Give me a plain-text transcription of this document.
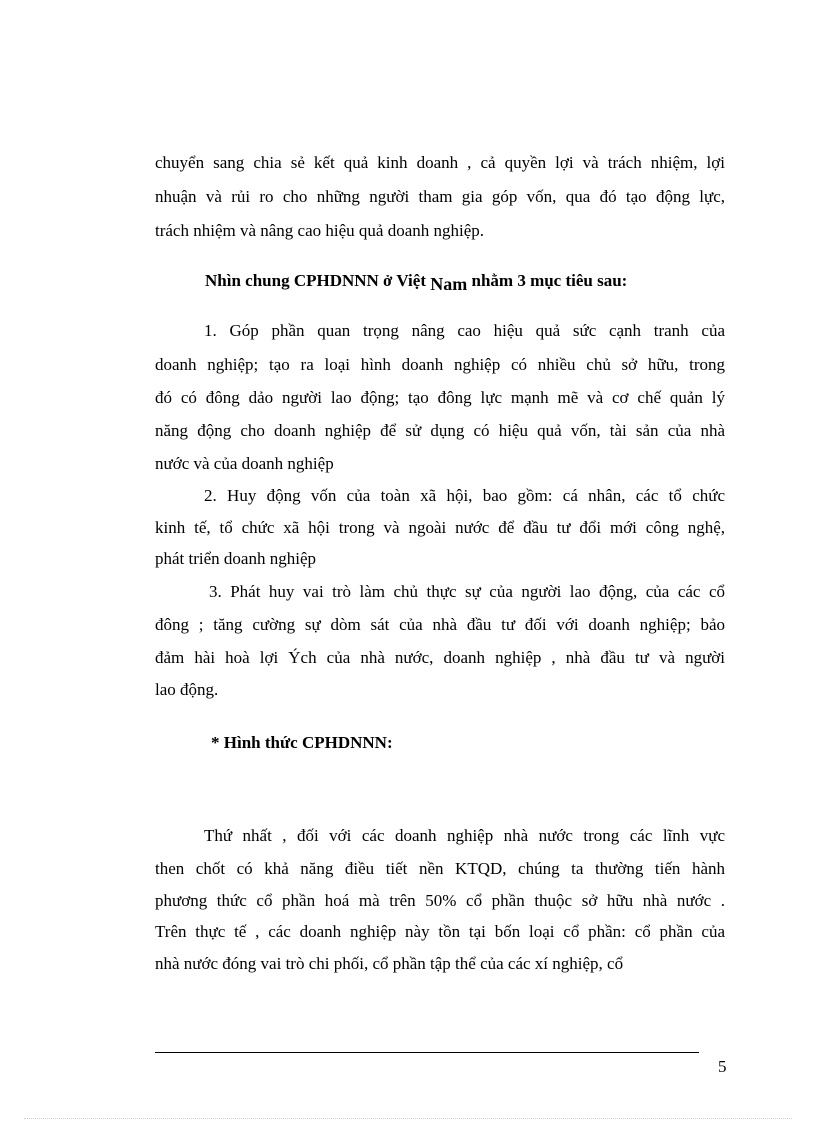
chuyển sang chia sẻ kết quả kinh doanh , cả quyền lợi và trách nhiệm, lợi
nhuận và rủi ro cho những người tham gia góp vốn, qua đó tạo động lực,
trách nhiệm và nâng cao hiệu quả doanh nghiệp.
Nhìn chung CPHDNNN ở Việt Nam nhằm 3 mục tiêu sau:
1. Góp phần quan trọng nâng cao hiệu quả sức cạnh tranh của
doanh nghiệp; tạo ra loại hình doanh nghiệp có nhiều chủ sở hữu, trong
đó có đông dảo người lao động; tạo đông lực mạnh mẽ và cơ chế quản lý
năng động cho doanh nghiệp để sử dụng có hiệu quả vốn, tài sản của nhà
nước và của doanh nghiệp
2. Huy động vốn của toàn xã hội, bao gồm: cá nhân, các tổ chức
kinh tế, tổ chức xã hội trong và ngoài nước để đầu tư đổi mới công nghệ,
phát triển doanh nghiệp
3. Phát huy vai trò làm chủ thực sự của người lao động, của các cổ
đông ; tăng cường sự dòm sát của nhà đầu tư đối với doanh nghiệp; bảo
đảm hài hoà lợi Ých của nhà nước, doanh nghiệp , nhà đầu tư và người
lao động.
* Hình thức CPHDNNN:
Thứ nhất , đối với các doanh nghiệp nhà nước trong các lĩnh vực
then chốt có khả năng điều tiết nền KTQD, chúng ta thường tiến hành
phương thức cổ phần hoá mà trên 50% cổ phần thuộc sở hữu nhà nước .
Trên thực tế , các doanh nghiệp này tồn tại bốn loại cổ phần: cổ phần của
nhà nước đóng vai trò chi phối, cổ phần tập thể của các xí nghiệp, cổ
5
